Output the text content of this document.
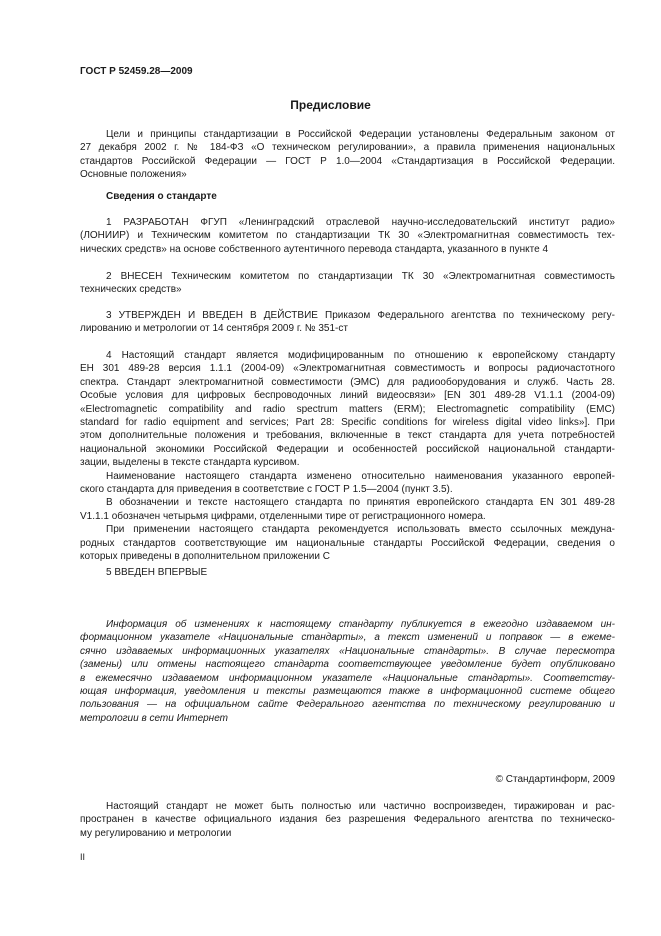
ГОСТ Р 52459.28—2009
Предисловие
Цели и принципы стандартизации в Российской Федерации установлены Федеральным законом от
27 декабря 2002 г. № 184-ФЗ «О техническом регулировании», а правила применения национальных
стандартов Российской Федерации — ГОСТ Р 1.0—2004 «Стандартизация в Российской Федерации.
Основные положения»
Сведения о стандарте
1 РАЗРАБОТАН ФГУП «Ленинградский отраслевой научно-исследовательский институт радио»
(ЛОНИИР) и Техническим комитетом по стандартизации ТК 30 «Электромагнитная совместимость тех-
нических средств» на основе собственного аутентичного перевода стандарта, указанного в пункте 4
2 ВНЕСЕН Техническим комитетом по стандартизации ТК 30 «Электромагнитная совместимость
технических средств»
3 УТВЕРЖДЕН И ВВЕДЕН В ДЕЙСТВИЕ Приказом Федерального агентства по техническому регу-
лированию и метрологии от 14 сентября 2009 г. № 351-ст
4 Настоящий стандарт является модифицированным по отношению к европейскому стандарту
ЕН 301 489-28 версия 1.1.1 (2004-09) «Электромагнитная совместимость и вопросы радиочастотного
спектра. Стандарт электромагнитной совместимости (ЭМС) для радиооборудования и служб. Часть 28.
Особые условия для цифровых беспроводочных линий видеосвязи» [EN 301 489-28 V1.1.1 (2004-09)
«Electromagnetic compatibility and radio spectrum matters (ERM); Electromagnetic compatibility (EMC)
standard for radio equipment and services; Part 28: Specific conditions for wireless digital video links»]. При
этом дополнительные положения и требования, включенные в текст стандарта для учета потребностей
национальной экономики Российской Федерации и особенностей российской национальной стандарти-
зации, выделены в тексте стандарта курсивом.
Наименование настоящего стандарта изменено относительно наименования указанного европей-
ского стандарта для приведения в соответствие с ГОСТ Р 1.5—2004 (пункт 3.5).
В обозначении и тексте настоящего стандарта по принятия европейского стандарта EN 301 489-28
V1.1.1 обозначен четырьмя цифрами, отделенными тире от регистрационного номера.
При применении настоящего стандарта рекомендуется использовать вместо ссылочных междуна-
родных стандартов соответствующие им национальные стандарты Российской Федерации, сведения о
которых приведены в дополнительном приложении С
5 ВВЕДЕН ВПЕРВЫЕ
Информация об изменениях к настоящему стандарту публикуется в ежегодно издаваемом ин-
формационном указателе «Национальные стандарты», а текст изменений и поправок — в ежеме-
сячно издаваемых информационных указателях «Национальные стандарты». В случае пересмотра
(замены) или отмены настоящего стандарта соответствующее уведомление будет опубликовано
в ежемесячно издаваемом информационном указателе «Национальные стандарты». Соответству-
ющая информация, уведомления и тексты размещаются также в информационной системе общего
пользования — на официальном сайте Федерального агентства по техническому регулированию и
метрологии в сети Интернет
© Стандартинформ, 2009
Настоящий стандарт не может быть полностью или частично воспроизведен, тиражирован и рас-
пространен в качестве официального издания без разрешения Федерального агентства по техническо-
му регулированию и метрологии
II
